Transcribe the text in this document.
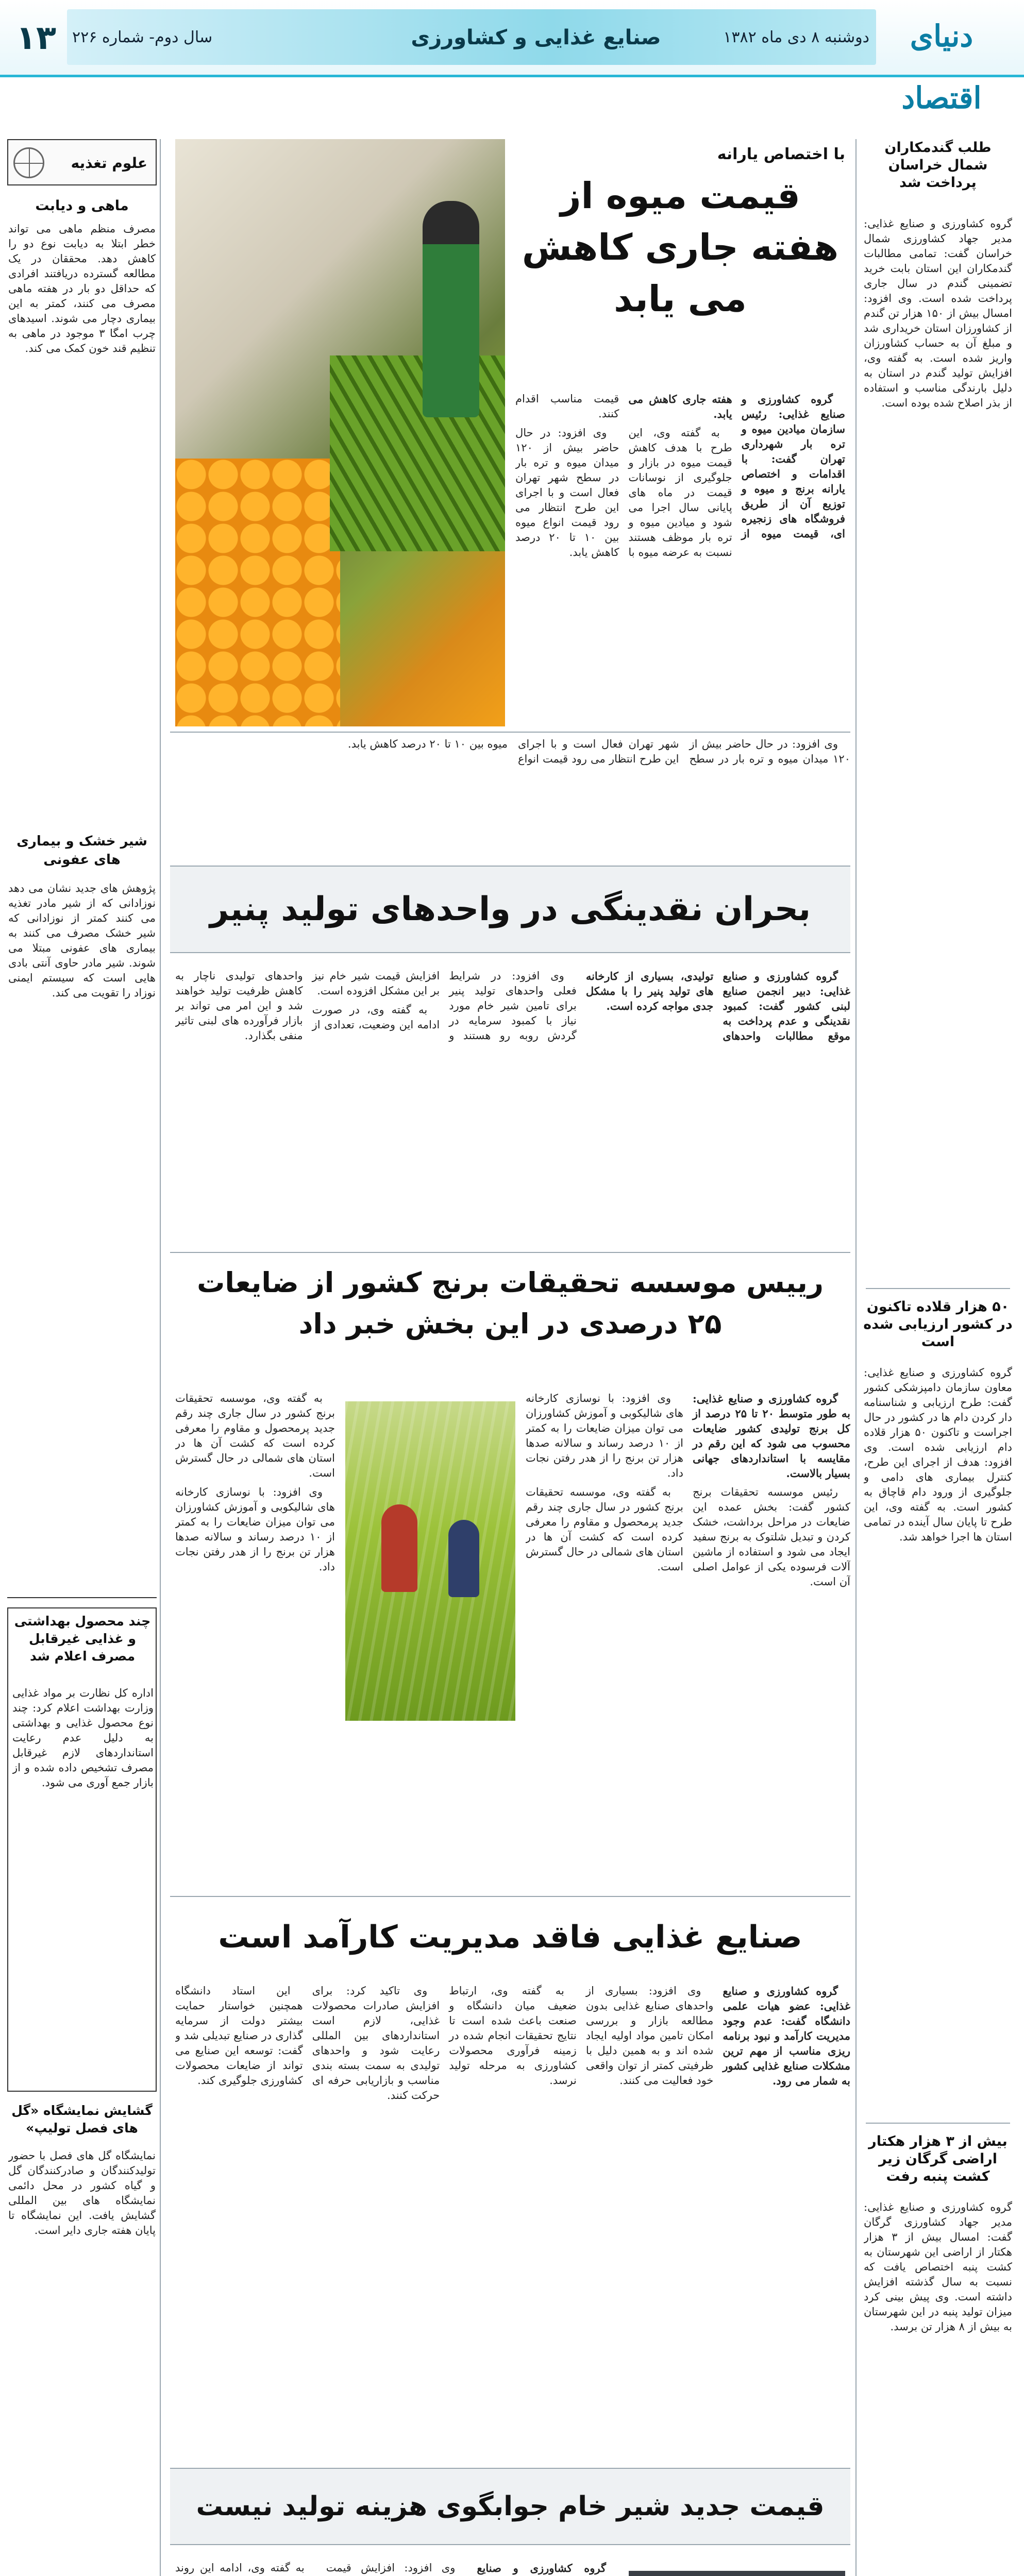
دنیای اقتصاد
دوشنبه ۸ دی ماه ۱۳۸۲
صنایع غذایی و کشاورزی
سال دوم- شماره ۲۲۶
۱۳
طلب گندمکاران شمال خراسان پرداخت شد
گروه کشاورزی و صنایع غذایی: مدیر جهاد کشاورزی شمال خراسان گفت: تمامی مطالبات گندمکاران این استان بابت خرید تضمینی گندم در سال جاری پرداخت شده است. وی افزود: امسال بیش از ۱۵۰ هزار تن گندم از کشاورزان استان خریداری شد و مبلغ آن به حساب کشاورزان واریز شده است. به گفته وی، افزایش تولید گندم در استان به دلیل بارندگی مناسب و استفاده از بذر اصلاح شده بوده است.
۵۰ هزار قلاده تاکنون در کشور ارزیابی شده است
گروه کشاورزی و صنایع غذایی: معاون سازمان دامپزشکی کشور گفت: طرح ارزیابی و شناسنامه دار کردن دام ها در کشور در حال اجراست و تاکنون ۵۰ هزار قلاده دام ارزیابی شده است. وی افزود: هدف از اجرای این طرح، کنترل بیماری های دامی و جلوگیری از ورود دام قاچاق به کشور است. به گفته وی، این طرح تا پایان سال آینده در تمامی استان ها اجرا خواهد شد.
بیش از ۳ هزار هکتار اراضی گرگان زیر کشت پنبه رفت
گروه کشاورزی و صنایع غذایی: مدیر جهاد کشاورزی گرگان گفت: امسال بیش از ۳ هزار هکتار از اراضی این شهرستان به کشت پنبه اختصاص یافت که نسبت به سال گذشته افزایش داشته است. وی پیش بینی کرد میزان تولید پنبه در این شهرستان به بیش از ۸ هزار تن برسد.
علوم تغذیه
ماهی و دیابت
مصرف منظم ماهی می تواند خطر ابتلا به دیابت نوع دو را کاهش دهد. محققان در یک مطالعه گسترده دریافتند افرادی که حداقل دو بار در هفته ماهی مصرف می کنند، کمتر به این بیماری دچار می شوند. اسیدهای چرب امگا ۳ موجود در ماهی به تنظیم قند خون کمک می کند.
شیر خشک و بیماری های عفونی
پژوهش های جدید نشان می دهد نوزادانی که از شیر مادر تغذیه می کنند کمتر از نوزادانی که شیر خشک مصرف می کنند به بیماری های عفونی مبتلا می شوند. شیر مادر حاوی آنتی بادی هایی است که سیستم ایمنی نوزاد را تقویت می کند.
چند محصول بهداشتی و غذایی غیرقابل مصرف اعلام شد
اداره کل نظارت بر مواد غذایی وزارت بهداشت اعلام کرد: چند نوع محصول غذایی و بهداشتی به دلیل عدم رعایت استانداردهای لازم غیرقابل مصرف تشخیص داده شده و از بازار جمع آوری می شود.
گشایش نمایشگاه «گل های فصل تولیپ»
نمایشگاه گل های فصل با حضور تولیدکنندگان و صادرکنندگان گل و گیاه کشور در محل دائمی نمایشگاه های بین المللی گشایش یافت. این نمایشگاه تا پایان هفته جاری دایر است.
با اختصاص یارانه
قیمت میوه از هفته جاری کاهش می یابد

گروه کشاورزی و صنایع غذایی: رئیس سازمان میادین میوه و تره بار شهرداری تهران گفت: با اقدامات و اختصاص یارانه برنج و میوه و توزیع آن از طریق فروشگاه های زنجیره ای، قیمت میوه از هفته جاری کاهش می یابد.

به گفته وی، این طرح با هدف کاهش قیمت میوه در بازار و جلوگیری از نوسانات قیمت در ماه های پایانی سال اجرا می شود و میادین میوه و تره بار موظف هستند نسبت به عرضه میوه با قیمت مناسب اقدام کنند.

وی افزود: در حال حاضر بیش از ۱۲۰ میدان میوه و تره بار در سطح شهر تهران فعال است و با اجرای این طرح انتظار می رود قیمت انواع میوه بین ۱۰ تا ۲۰ درصد کاهش یابد.

وی افزود: در حال حاضر بیش از ۱۲۰ میدان میوه و تره بار در سطح شهر تهران فعال است و با اجرای این طرح انتظار می رود قیمت انواع میوه بین ۱۰ تا ۲۰ درصد کاهش یابد.

بحران نقدینگی در واحدهای تولید پنیر

گروه کشاورزی و صنایع غذایی: دبیر انجمن صنایع لبنی کشور گفت: کمبود نقدینگی و عدم پرداخت به موقع مطالبات واحدهای تولیدی، بسیاری از کارخانه های تولید پنیر را با مشکل جدی مواجه کرده است.

وی افزود: در شرایط فعلی واحدهای تولید پنیر برای تامین شیر خام مورد نیاز با کمبود سرمایه در گردش روبه رو هستند و افزایش قیمت شیر خام نیز بر این مشکل افزوده است.

به گفته وی، در صورت ادامه این وضعیت، تعدادی از واحدهای تولیدی ناچار به کاهش ظرفیت تولید خواهند شد و این امر می تواند بر بازار فرآورده های لبنی تاثیر منفی بگذارد.

رییس موسسه تحقیقات برنج کشور از ضایعات ۲۵ درصدی در این بخش خبر داد

گروه کشاورزی و صنایع غذایی: به طور متوسط ۲۰ تا ۲۵ درصد از کل برنج تولیدی کشور ضایعات محسوب می شود که این رقم در مقایسه با استانداردهای جهانی بسیار بالاست.

رئیس موسسه تحقیقات برنج کشور گفت: بخش عمده این ضایعات در مراحل برداشت، خشک کردن و تبدیل شلتوک به برنج سفید ایجاد می شود و استفاده از ماشین آلات فرسوده یکی از عوامل اصلی آن است.

وی افزود: با نوسازی کارخانه های شالیکوبی و آموزش کشاورزان می توان میزان ضایعات را به کمتر از ۱۰ درصد رساند و سالانه صدها هزار تن برنج را از هدر رفتن نجات داد.

به گفته وی، موسسه تحقیقات برنج کشور در سال جاری چند رقم جدید پرمحصول و مقاوم را معرفی کرده است که کشت آن ها در استان های شمالی در حال گسترش است.

به گفته وی، موسسه تحقیقات برنج کشور در سال جاری چند رقم جدید پرمحصول و مقاوم را معرفی کرده است که کشت آن ها در استان های شمالی در حال گسترش است.

وی افزود: با نوسازی کارخانه های شالیکوبی و آموزش کشاورزان می توان میزان ضایعات را به کمتر از ۱۰ درصد رساند و سالانه صدها هزار تن برنج را از هدر رفتن نجات داد.

صنایع غذایی فاقد مدیریت کارآمد است

گروه کشاورزی و صنایع غذایی: عضو هیات علمی دانشگاه گفت: عدم وجود مدیریت کارآمد و نبود برنامه ریزی مناسب از مهم ترین مشکلات صنایع غذایی کشور به شمار می رود.

وی افزود: بسیاری از واحدهای صنایع غذایی بدون مطالعه بازار و بررسی امکان تامین مواد اولیه ایجاد شده اند و به همین دلیل با ظرفیتی کمتر از توان واقعی خود فعالیت می کنند.

به گفته وی، ارتباط ضعیف میان دانشگاه و صنعت باعث شده است تا نتایج تحقیقات انجام شده در زمینه فرآوری محصولات کشاورزی به مرحله تولید نرسد.

وی تاکید کرد: برای افزایش صادرات محصولات غذایی، لازم است استانداردهای بین المللی رعایت شود و واحدهای تولیدی به سمت بسته بندی مناسب و بازاریابی حرفه ای حرکت کنند.

این استاد دانشگاه همچنین خواستار حمایت بیشتر دولت از سرمایه گذاری در صنایع تبدیلی شد و گفت: توسعه این صنایع می تواند از ضایعات محصولات کشاورزی جلوگیری کند.

قیمت جدید شیر خام جوابگوی هزینه تولید نیست

گروه کشاورزی و صنایع

وی افزود: افزایش قیمت

به گفته وی، ادامه این روند
